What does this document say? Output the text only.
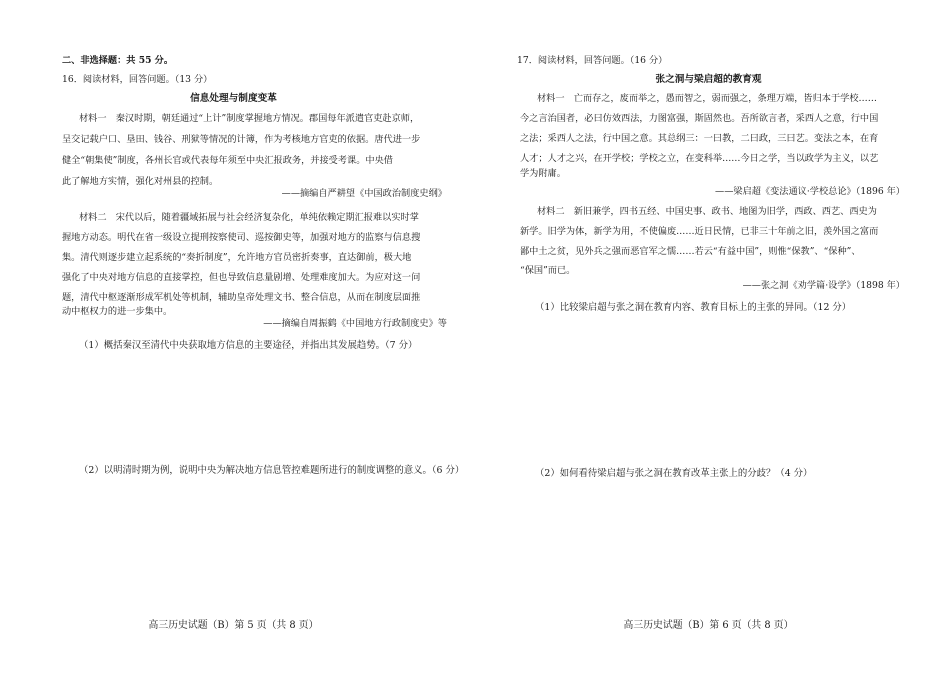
二、非选择题：共 55 分。
16．阅读材料，回答问题。（13 分）
信息处理与制度变革
材料一　秦汉时期，朝廷通过“上计”制度掌握地方情况。郡国每年派遣官吏赴京师，
呈交记载户口、垦田、钱谷、刑狱等情况的计簿，作为考核地方官吏的依据。唐代进一步
健全“朝集使”制度，各州长官或代表每年须至中央汇报政务，并接受考课。中央借
此了解地方实情，强化对州县的控制。
——摘编自严耕望《中国政治制度史纲》
材料二　宋代以后，随着疆域拓展与社会经济复杂化，单纯依赖定期汇报难以实时掌
握地方动态。明代在省一级设立提刑按察使司、巡按御史等，加强对地方的监察与信息搜
集。清代则逐步建立起系统的“奏折制度”，允许地方官员密折奏事，直达御前，极大地
强化了中央对地方信息的直接掌控，但也导致信息量剧增、处理难度加大。为应对这一问
题，清代中枢逐渐形成军机处等机制，辅助皇帝处理文书、整合信息，从而在制度层面推
动中枢权力的进一步集中。
——摘编自周振鹤《中国地方行政制度史》等
（1）概括秦汉至清代中央获取地方信息的主要途径，并指出其发展趋势。（7 分）
（2）以明清时期为例，说明中央为解决地方信息管控难题所进行的制度调整的意义。（6 分）
高三历史试题（B）第 5 页（共 8 页）
17．阅读材料，回答问题。（16 分）
张之洞与梁启超的教育观
材料一　亡而存之，废而举之，愚而智之，弱而强之，条理万端，皆归本于学校……
今之言治国者，必曰仿效西法，力图富强，斯固然也。吾所欲言者，采西人之意，行中国
之法；采西人之法，行中国之意。其总纲三：一曰教，二曰政，三曰艺。变法之本，在育
人才；人才之兴，在开学校；学校之立，在变科举……今日之学，当以政学为主义，以艺
学为附庸。
——梁启超《变法通议·学校总论》（1896 年）
材料二　新旧兼学，四书五经、中国史事、政书、地图为旧学，西政、西艺、西史为
新学。旧学为体，新学为用，不使偏废……近日民情，已非三十年前之旧，羡外国之富而
鄙中土之贫，见外兵之强而恶官军之懦……若云“有益中国”，则惟“保教”、“保种”、
“保国”而已。
——张之洞《劝学篇·设学》（1898 年）
（1）比较梁启超与张之洞在教育内容、教育目标上的主张的异同。（12 分）
（2）如何看待梁启超与张之洞在教育改革主张上的分歧？（4 分）
高三历史试题（B）第 6 页（共 8 页）
